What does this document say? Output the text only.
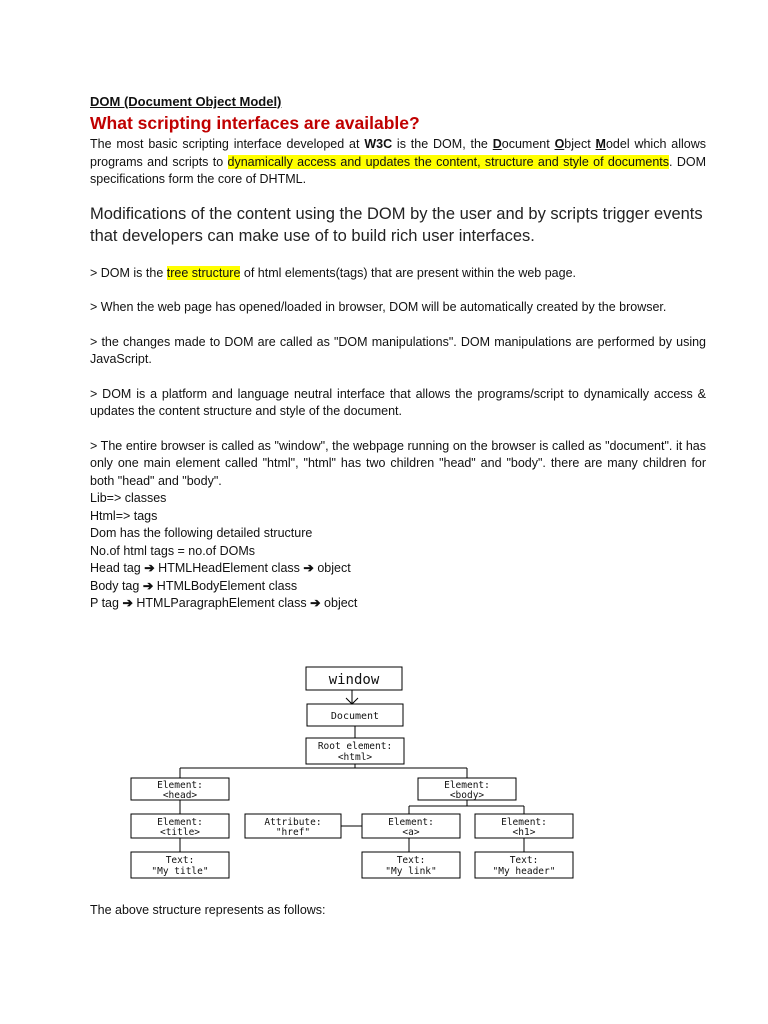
DOM (Document Object Model)

What scripting interfaces are available?

The most basic scripting interface developed at W3C is the DOM, the Document Object Model which allows programs and scripts to dynamically access and updates the content, structure and style of documents. DOM specifications form the core of DHTML.

Modifications of the content using the DOM by the user and by scripts trigger events that developers can make use of to build rich user interfaces.

> DOM is the tree structure of html elements(tags) that are present within the web page.

> When the web page has opened/loaded in browser, DOM will be automatically created by the browser.

> the changes made to DOM are called as "DOM manipulations". DOM manipulations are performed by using JavaScript.

> DOM is a platform and language neutral interface that allows the programs/script to dynamically access & updates the content structure and style of the document.

> The entire browser is called as "window", the webpage running on the browser is called as "document". it has only one main element called "html", "html" has two children "head" and "body". there are many children for both "head" and "body".

Lib=> classes

Html=> tags

Dom has the following detailed structure

No.of html tags = no.of DOMs

Head tag ➔ HTMLHeadElement class ➔ object

Body tag ➔ HTMLBodyElement class

P tag ➔ HTMLParagraphElement class ➔ object

window
Document
Root element:
<html>
Element:
<head>
Element:
<body>
Element:
<title>
Attribute:
"href"
Element:
<a>
Element:
<h1>
Text:
"My title"
Text:
"My link"
Text:
"My header"

The above structure represents as follows:
